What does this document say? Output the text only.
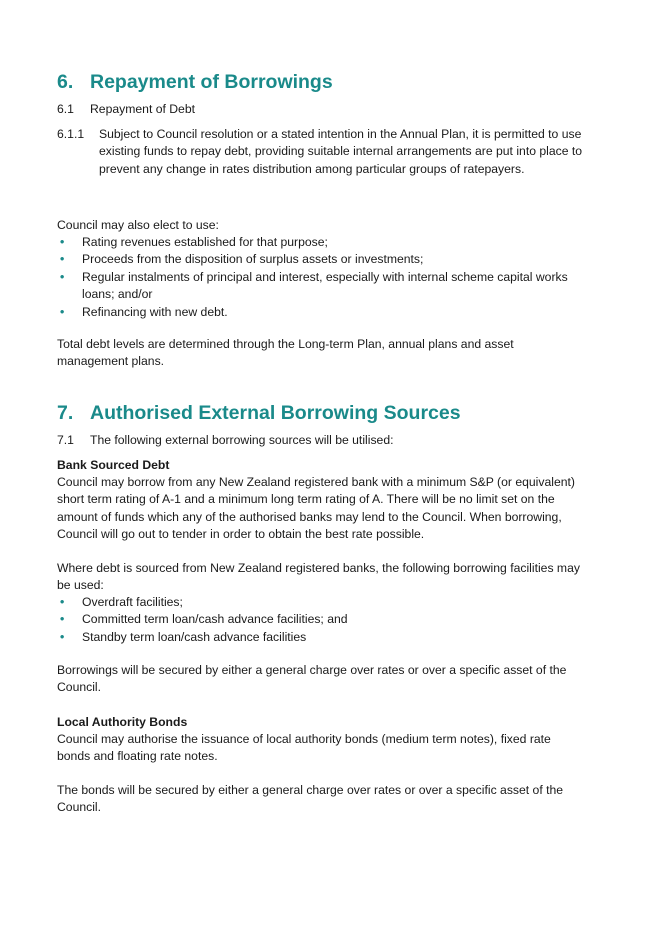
6. Repayment of Borrowings
6.1 Repayment of Debt
6.1.1 Subject to Council resolution or a stated intention in the Annual Plan, it is permitted to use existing funds to repay debt, providing suitable internal arrangements are put into place to prevent any change in rates distribution among particular groups of ratepayers.
Council may also elect to use:
• Rating revenues established for that purpose;
• Proceeds from the disposition of surplus assets or investments;
• Regular instalments of principal and interest, especially with internal scheme capital works loans; and/or
• Refinancing with new debt.
Total debt levels are determined through the Long-term Plan, annual plans and asset management plans.
7. Authorised External Borrowing Sources
7.1 The following external borrowing sources will be utilised:
Bank Sourced Debt
Council may borrow from any New Zealand registered bank with a minimum S&P (or equivalent) short term rating of A-1 and a minimum long term rating of A. There will be no limit set on the amount of funds which any of the authorised banks may lend to the Council. When borrowing, Council will go out to tender in order to obtain the best rate possible.
Where debt is sourced from New Zealand registered banks, the following borrowing facilities may be used:
• Overdraft facilities;
• Committed term loan/cash advance facilities; and
• Standby term loan/cash advance facilities
Borrowings will be secured by either a general charge over rates or over a specific asset of the Council.
Local Authority Bonds
Council may authorise the issuance of local authority bonds (medium term notes), fixed rate bonds and floating rate notes.
The bonds will be secured by either a general charge over rates or over a specific asset of the Council.
